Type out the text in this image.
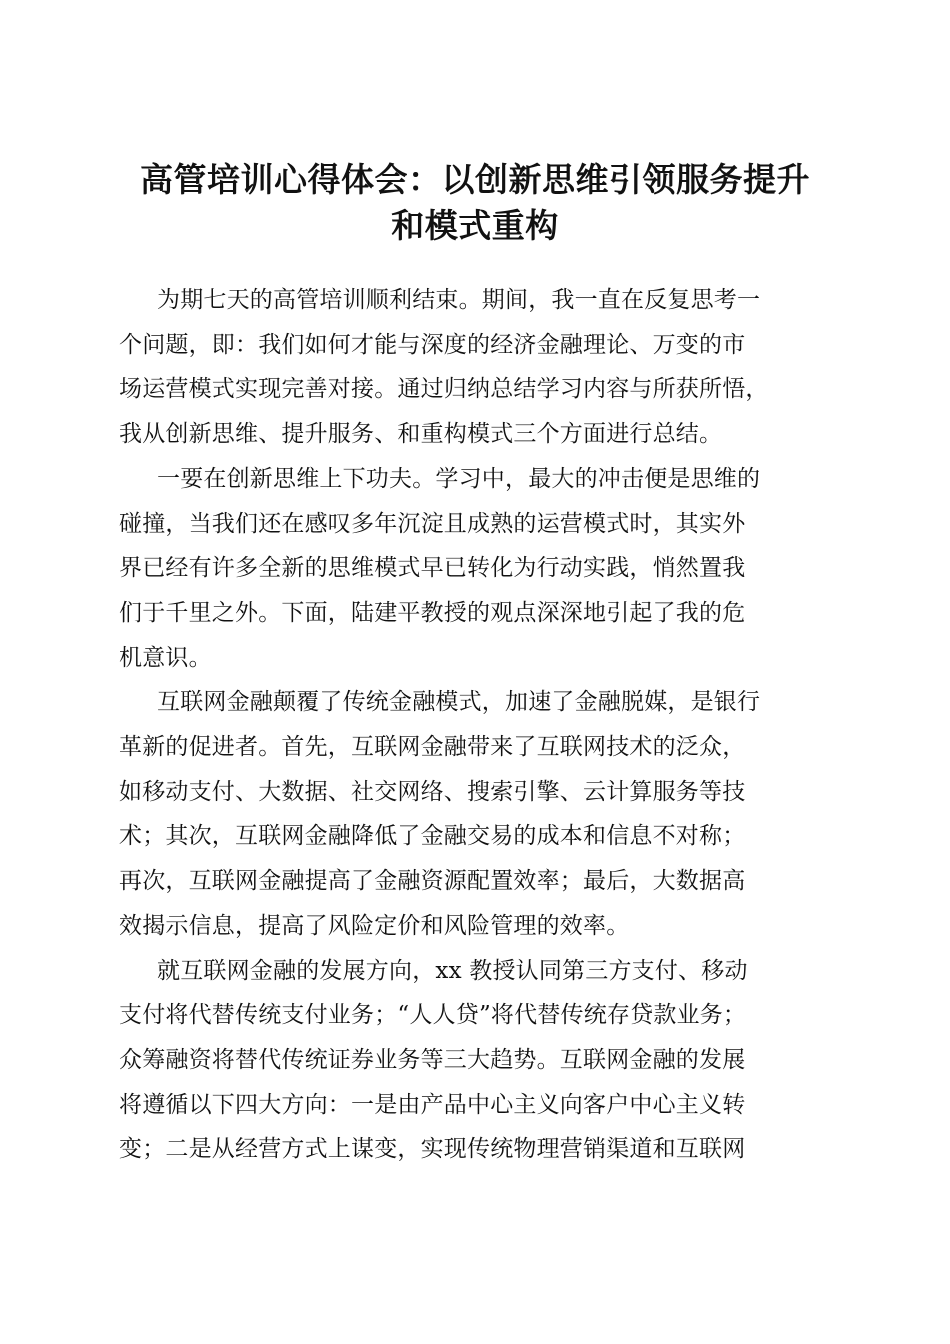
高管培训心得体会：以创新思维引领服务提升
和模式重构

为期七天的高管培训顺利结束。期间，我一直在反复思考一
个问题，即：我们如何才能与深度的经济金融理论、万变的市
场运营模式实现完善对接。通过归纳总结学习内容与所获所悟，
我从创新思维、提升服务、和重构模式三个方面进行总结。

一要在创新思维上下功夫。学习中，最大的冲击便是思维的
碰撞，当我们还在感叹多年沉淀且成熟的运营模式时，其实外
界已经有许多全新的思维模式早已转化为行动实践，悄然置我
们于千里之外。下面，陆建平教授的观点深深地引起了我的危
机意识。

互联网金融颠覆了传统金融模式，加速了金融脱媒，是银行
革新的促进者。首先，互联网金融带来了互联网技术的泛众，
如移动支付、大数据、社交网络、搜索引擎、云计算服务等技
术；其次，互联网金融降低了金融交易的成本和信息不对称；
再次，互联网金融提高了金融资源配置效率；最后，大数据高
效揭示信息，提高了风险定价和风险管理的效率。

就互联网金融的发展方向，xx 教授认同第三方支付、移动
支付将代替传统支付业务；“人人贷”将代替传统存贷款业务；
众筹融资将替代传统证券业务等三大趋势。互联网金融的发展
将遵循以下四大方向：一是由产品中心主义向客户中心主义转
变；二是从经营方式上谋变，实现传统物理营销渠道和互联网
